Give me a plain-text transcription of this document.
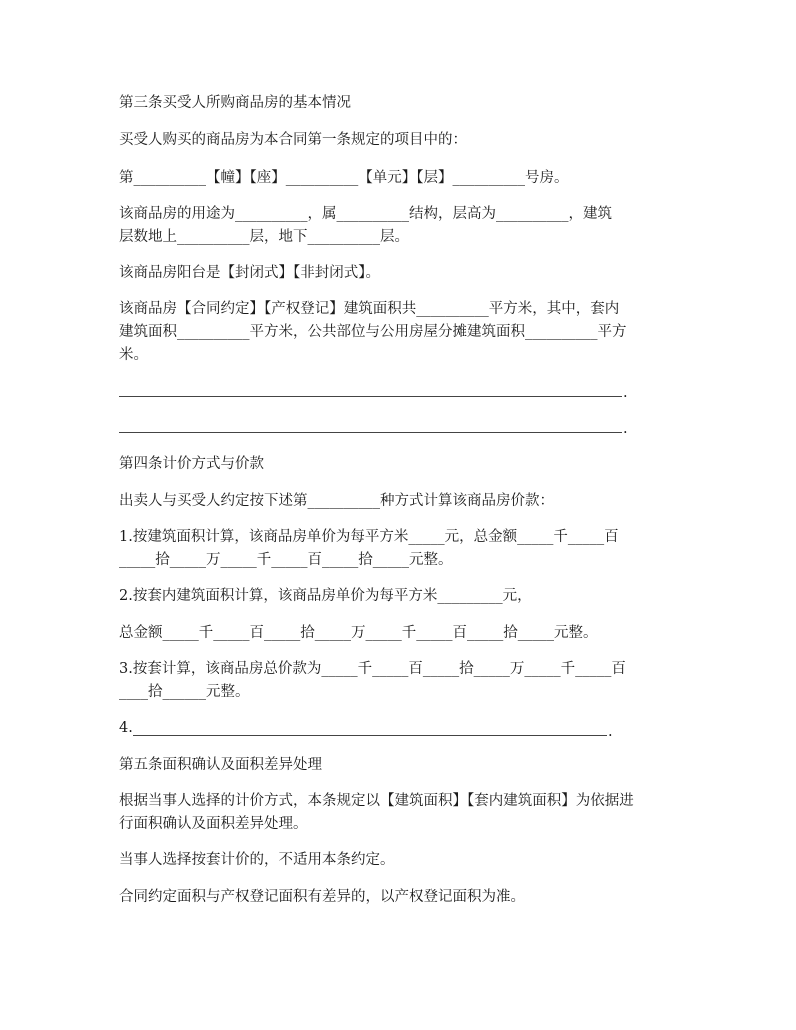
第三条买受人所购商品房的基本情况

买受人购买的商品房为本合同第一条规定的项目中的：

第__________【幢】【座】__________【单元】【层】__________号房。

该商品房的用途为__________，属__________结构，层高为__________，建筑

层数地上__________层，地下__________层。

该商品房阳台是【封闭式】【非封闭式】。

该商品房【合同约定】【产权登记】建筑面积共__________平方米，其中，套内

建筑面积__________平方米，公共部位与公用房屋分摊建筑面积__________平方

米。

.
.

第四条计价方式与价款

出卖人与买受人约定按下述第__________种方式计算该商品房价款：

1.按建筑面积计算，该商品房单价为每平方米_____元，总金额_____千_____百

_____拾_____万_____千_____百_____拾_____元整。

2.按套内建筑面积计算，该商品房单价为每平方米_________元，

总金额_____千_____百_____拾_____万_____千_____百_____拾_____元整。

3.按套计算，该商品房总价款为_____千_____百_____拾_____万_____千_____百

____拾______元整。

4.	.

第五条面积确认及面积差异处理

根据当事人选择的计价方式，本条规定以【建筑面积】【套内建筑面积】为依据进

行面积确认及面积差异处理。

当事人选择按套计价的，不适用本条约定。

合同约定面积与产权登记面积有差异的，以产权登记面积为准。
